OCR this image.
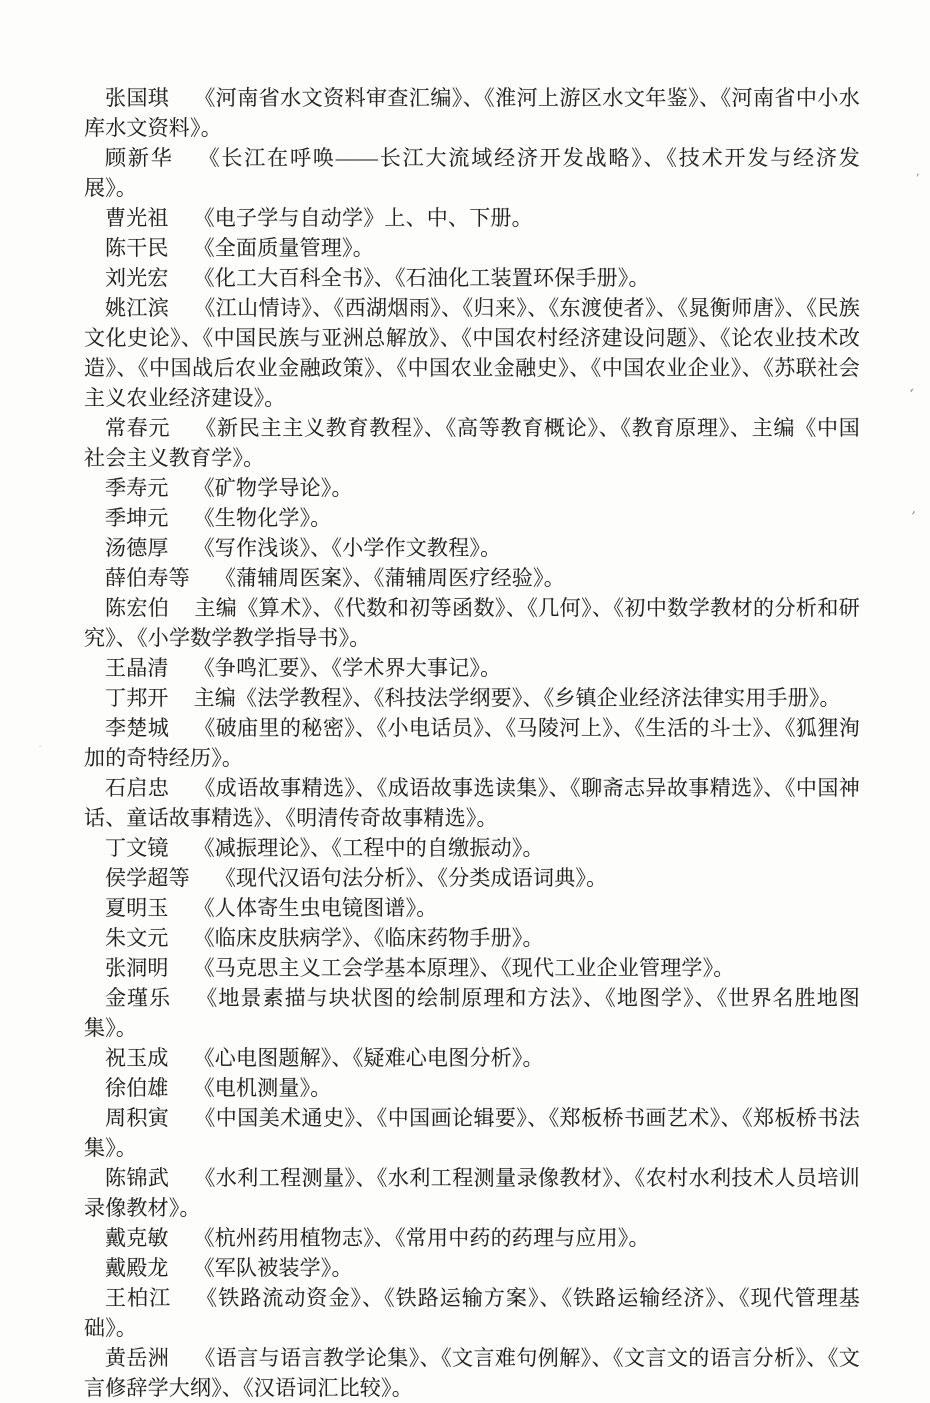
张国琪 《河南省水文资料审查汇编》、《淮河上游区水文年鉴》、《河南省中小水库水文资料》。

顾新华 《长江在呼唤——长江大流域经济开发战略》、《技术开发与经济发展》。

曹光祖 《电子学与自动学》上、中、下册。

陈干民 《全面质量管理》。

刘光宏 《化工大百科全书》、《石油化工装置环保手册》。

姚江滨 《江山情诗》、《西湖烟雨》、《归来》、《东渡使者》、《晁衡师唐》、《民族文化史论》、《中国民族与亚洲总解放》、《中国农村经济建设问题》、《论农业技术改造》、《中国战后农业金融政策》、《中国农业金融史》、《中国农业企业》、《苏联社会主义农业经济建设》。

常春元 《新民主主义教育教程》、《高等教育概论》、《教育原理》、主编《中国社会主义教育学》。

季寿元 《矿物学导论》。

季坤元 《生物化学》。

汤德厚 《写作浅谈》、《小学作文教程》。

薛伯寿等 《蒲辅周医案》、《蒲辅周医疗经验》。

陈宏伯 主编《算术》、《代数和初等函数》、《几何》、《初中数学教材的分析和研究》、《小学数学教学指导书》。

王晶清 《争鸣汇要》、《学术界大事记》。

丁邦开 主编《法学教程》、《科技法学纲要》、《乡镇企业经济法律实用手册》。

李楚城 《破庙里的秘密》、《小电话员》、《马陵河上》、《生活的斗士》、《狐狸洵加的奇特经历》。

石启忠 《成语故事精选》、《成语故事选读集》、《聊斋志异故事精选》、《中国神话、童话故事精选》、《明清传奇故事精选》。

丁文镜 《减振理论》、《工程中的自缴振动》。

侯学超等 《现代汉语句法分析》、《分类成语词典》。

夏明玉 《人体寄生虫电镜图谱》。

朱文元 《临床皮肤病学》、《临床药物手册》。

张洞明 《马克思主义工会学基本原理》、《现代工业企业管理学》。

金瑾乐 《地景素描与块状图的绘制原理和方法》、《地图学》、《世界名胜地图集》。

祝玉成 《心电图题解》、《疑难心电图分析》。

徐伯雄 《电机测量》。

周积寅 《中国美术通史》、《中国画论辑要》、《郑板桥书画艺术》、《郑板桥书法集》。

陈锦武 《水利工程测量》、《水利工程测量录像教材》、《农村水利技术人员培训录像教材》。

戴克敏 《杭州药用植物志》、《常用中药的药理与应用》。

戴殿龙 《军队被装学》。

王柏江 《铁路流动资金》、《铁路运输方案》、《铁路运输经济》、《现代管理基础》。

黄岳洲 《语言与语言教学论集》、《文言难句例解》、《文言文的语言分析》、《文言修辞学大纲》、《汉语词汇比较》。

ʼ
ʻ
ʼ
ˏ
